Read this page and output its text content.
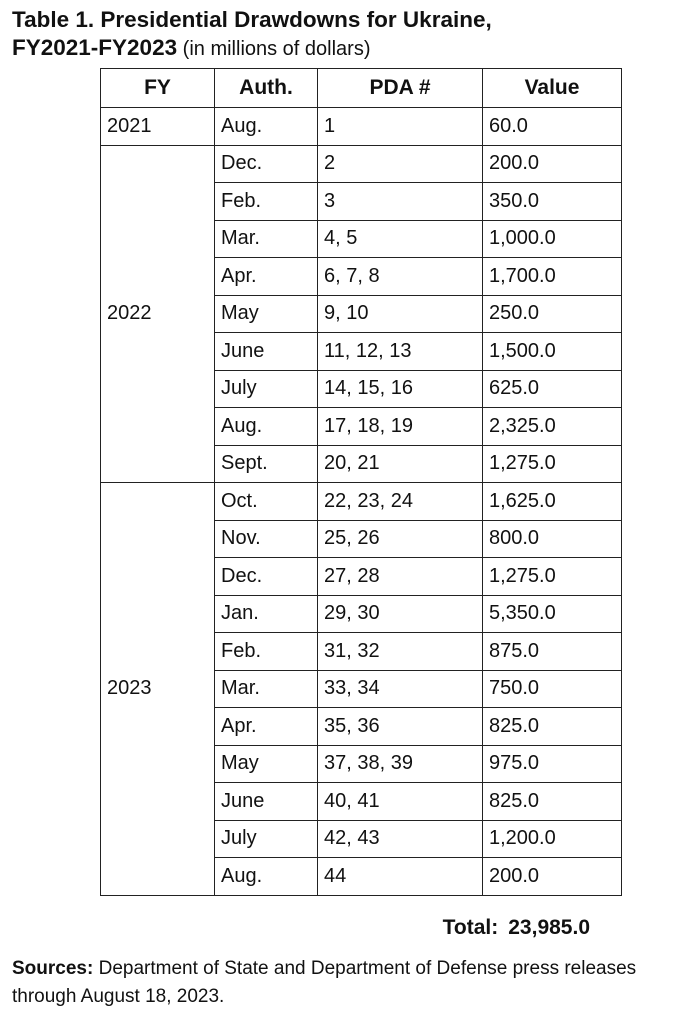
Table 1. Presidential Drawdowns for Ukraine,
FY2021-FY2023 (in millions of dollars)
FY	Auth.	PDA #	Value
2021	Aug.	1	60.0
2022	Dec.	2	200.0
	Feb.	3	350.0
	Mar.	4, 5	1,000.0
	Apr.	6, 7, 8	1,700.0
	May	9, 10	250.0
	June	11, 12, 13	1,500.0
	July	14, 15, 16	625.0
	Aug.	17, 18, 19	2,325.0
	Sept.	20, 21	1,275.0
2023	Oct.	22, 23, 24	1,625.0
	Nov.	25, 26	800.0
	Dec.	27, 28	1,275.0
	Jan.	29, 30	5,350.0
	Feb.	31, 32	875.0
	Mar.	33, 34	750.0
	Apr.	35, 36	825.0
	May	37, 38, 39	975.0
	June	40, 41	825.0
	July	42, 43	1,200.0
	Aug.	44	200.0
Total: 23,985.0
Sources: Department of State and Department of Defense press releases through August 18, 2023.
